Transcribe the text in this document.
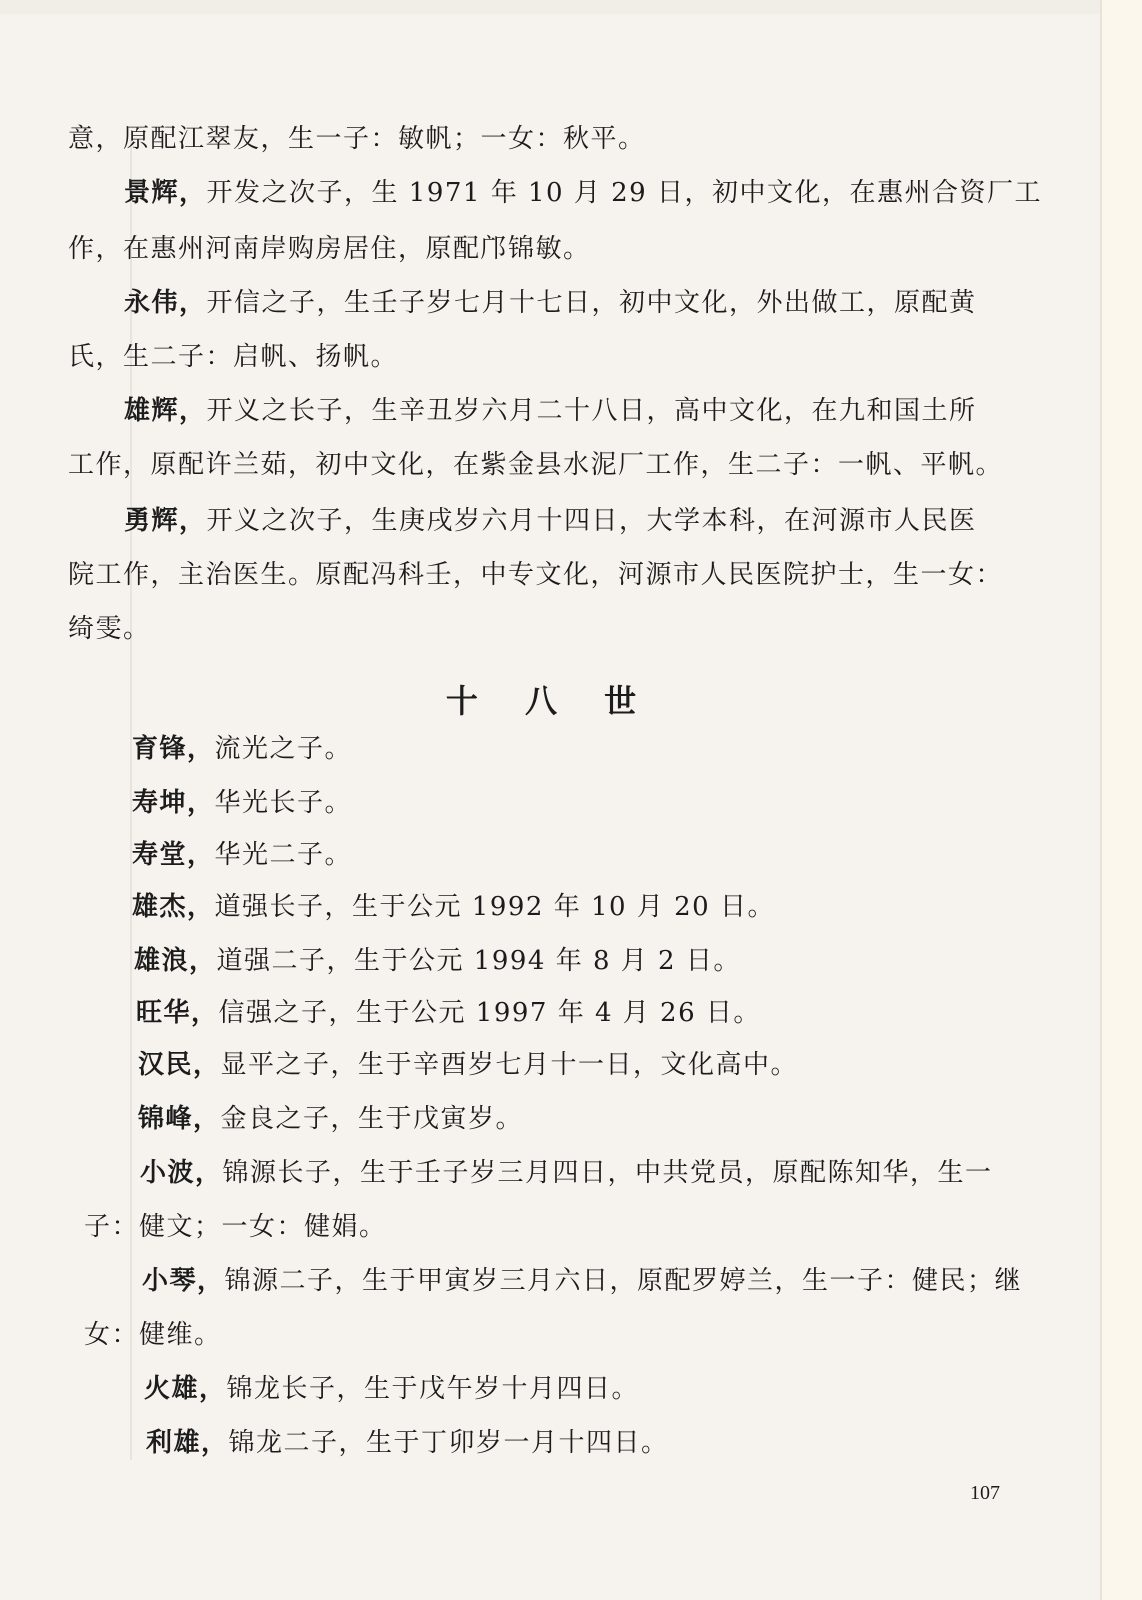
意，原配江翠友，生一子：敏帆；一女：秋平。
景辉，开发之次子，生 1971 年 10 月 29 日，初中文化，在惠州合资厂工
作，在惠州河南岸购房居住，原配邝锦敏。
永伟，开信之子，生壬子岁七月十七日，初中文化，外出做工，原配黄
氏，生二子：启帆、扬帆。
雄辉，开义之长子，生辛丑岁六月二十八日，高中文化，在九和国土所
工作，原配许兰茹，初中文化，在紫金县水泥厂工作，生二子：一帆、平帆。
勇辉，开义之次子，生庚戌岁六月十四日，大学本科，在河源市人民医
院工作，主治医生。原配冯科壬，中专文化，河源市人民医院护士，生一女：
绮雯。
十 八 世
育锋，流光之子。
寿坤，华光长子。
寿堂，华光二子。
雄杰，道强长子，生于公元 1992 年 10 月 20 日。
雄浪，道强二子，生于公元 1994 年 8 月 2 日。
旺华，信强之子，生于公元 1997 年 4 月 26 日。
汉民，显平之子，生于辛酉岁七月十一日，文化高中。
锦峰，金良之子，生于戊寅岁。
小波，锦源长子，生于壬子岁三月四日，中共党员，原配陈知华，生一
子：健文；一女：健娟。
小琴，锦源二子，生于甲寅岁三月六日，原配罗婷兰，生一子：健民；继
女：健维。
火雄，锦龙长子，生于戊午岁十月四日。
利雄，锦龙二子，生于丁卯岁一月十四日。
107
